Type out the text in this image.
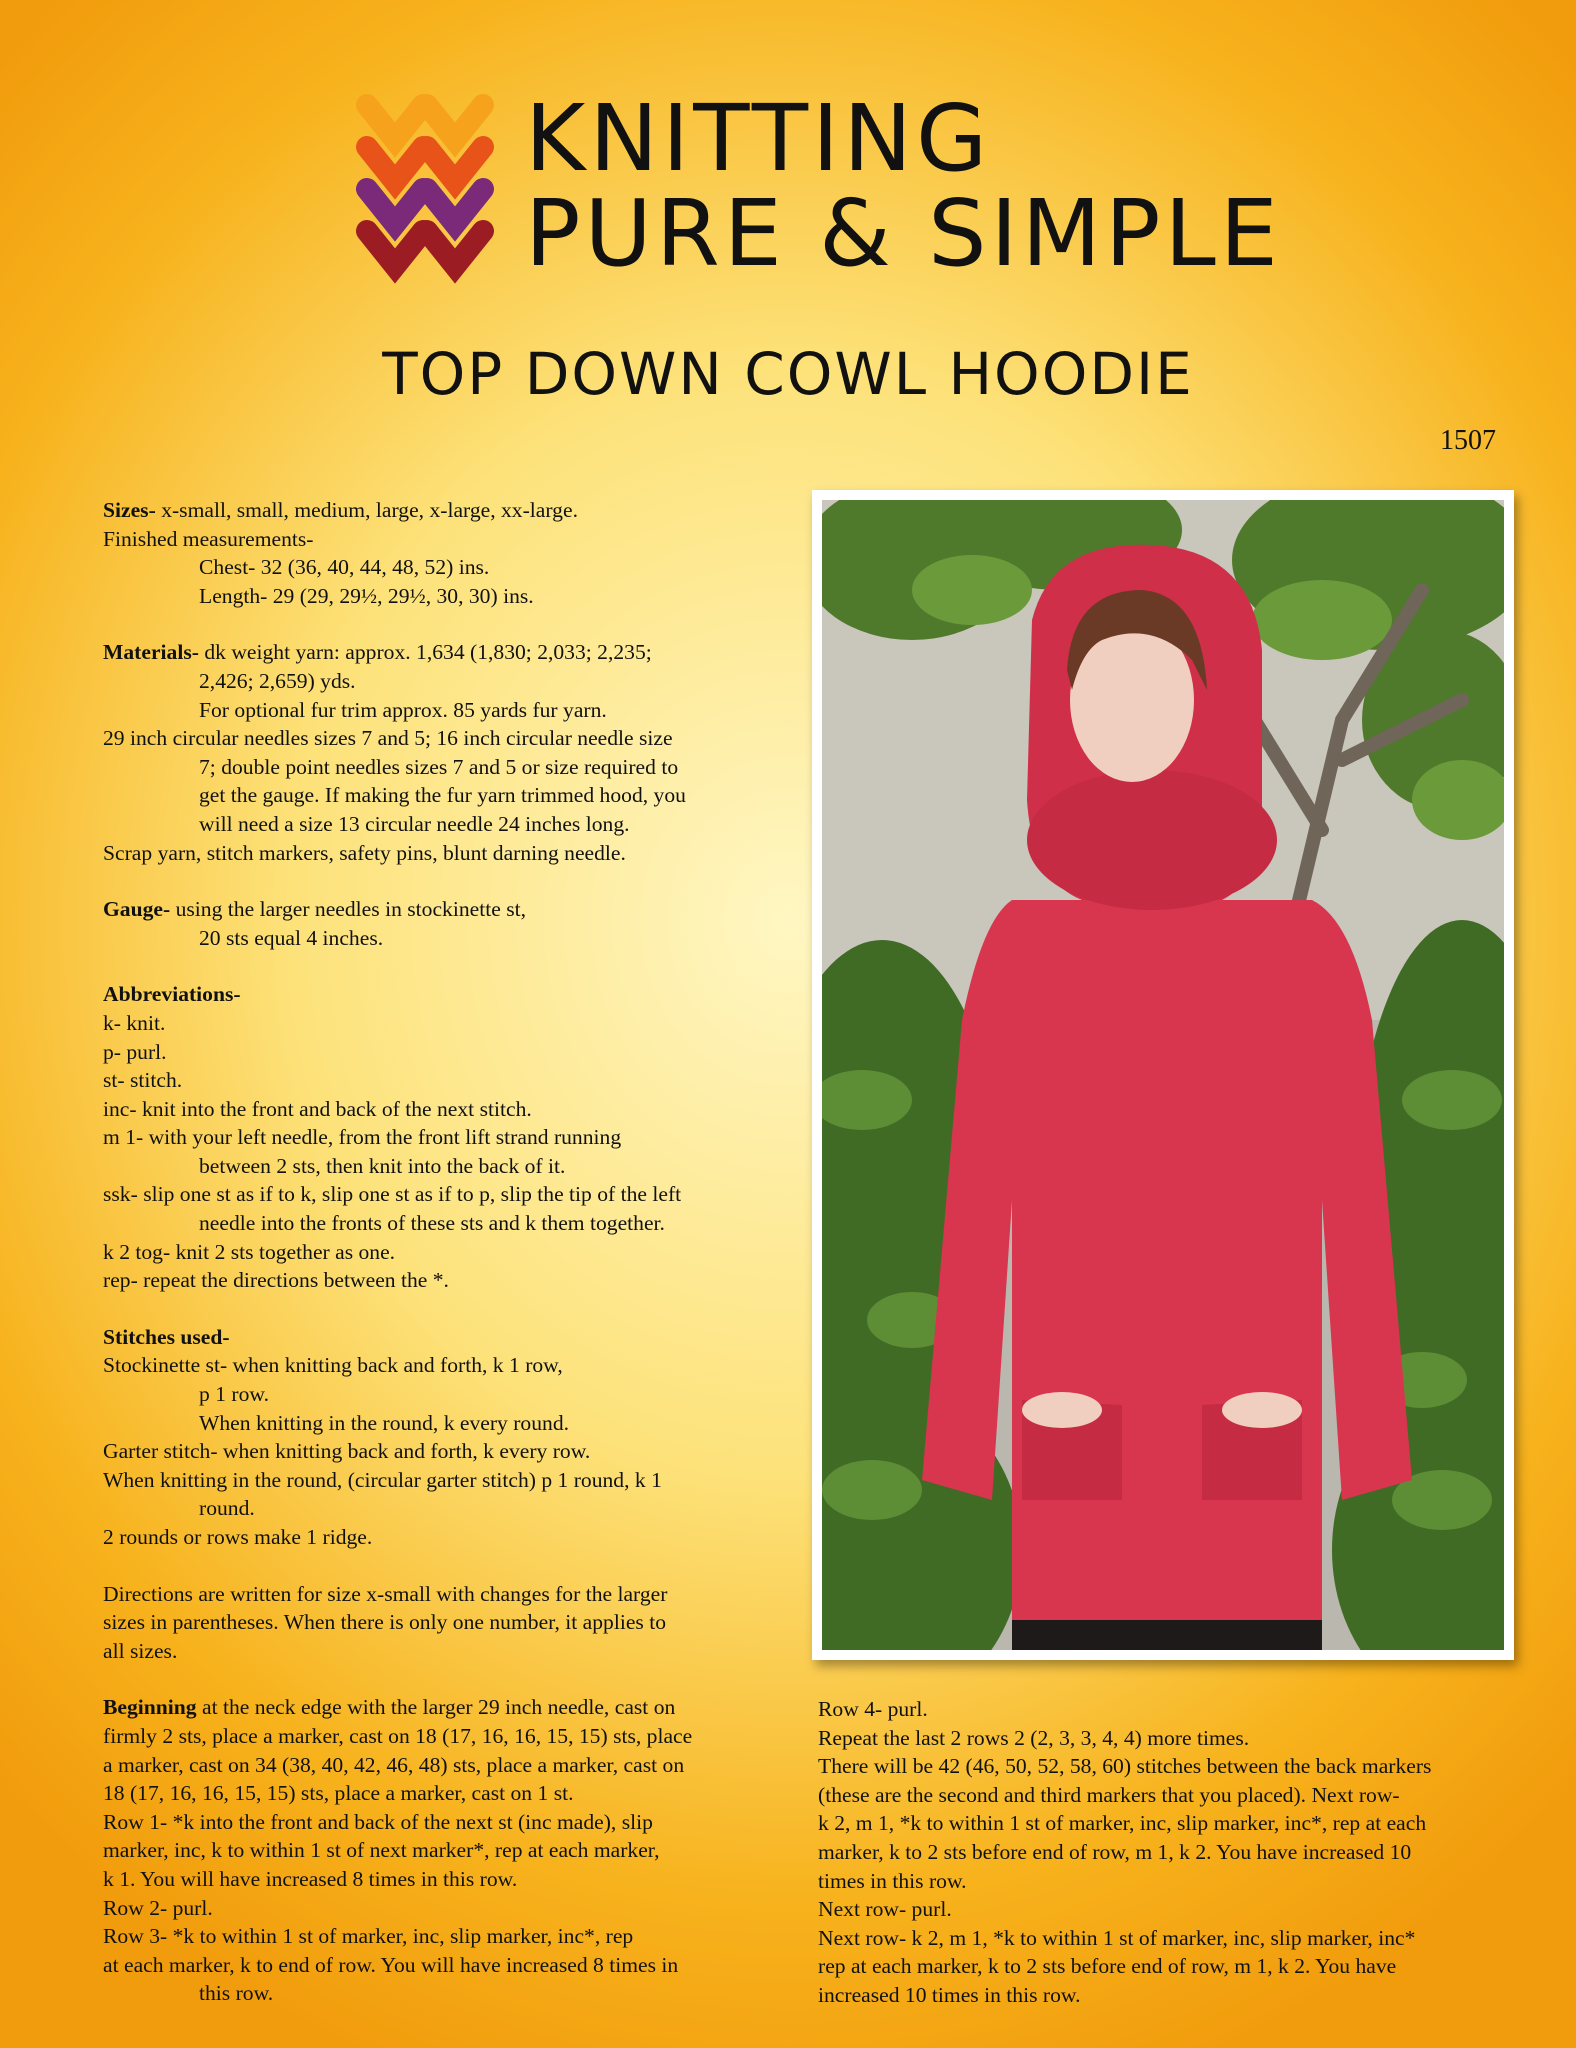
KNITTING
PURE & SIMPLE
TOP DOWN COWL HOODIE
1507

Sizes- x-small, small, medium, large, x-large, xx-large.

Finished measurements-

Chest- 32 (36, 40, 44, 48, 52) ins.

Length- 29 (29, 29½, 29½, 30, 30) ins.

Materials- dk weight yarn: approx. 1,634 (1,830; 2,033; 2,235;

2,426; 2,659) yds.

For optional fur trim approx. 85 yards fur yarn.

29 inch circular needles sizes 7 and 5; 16 inch circular needle size

7; double point needles sizes 7 and 5 or size required to

get the gauge. If making the fur yarn trimmed hood, you

will need a size 13 circular needle 24 inches long.

Scrap yarn, stitch markers, safety pins, blunt darning needle.

Gauge- using the larger needles in stockinette st,

20 sts equal 4 inches.

Abbreviations-

k- knit.

p- purl.

st- stitch.

inc- knit into the front and back of the next stitch.

m 1- with your left needle, from the front lift strand running

between 2 sts, then knit into the back of it.

ssk- slip one st as if to k, slip one st as if to p, slip the tip of the left

needle into the fronts of these sts and k them together.

k 2 tog- knit 2 sts together as one.

rep- repeat the directions between the *.

Stitches used-

Stockinette st- when knitting back and forth, k 1 row,

p 1 row.

When knitting in the round, k every round.

Garter stitch- when knitting back and forth, k every row.

When knitting in the round, (circular garter stitch) p 1 round, k 1

round.

2 rounds or rows make 1 ridge.

Directions are written for size x-small with changes for the larger

sizes in parentheses. When there is only one number, it applies to

all sizes.

Beginning at the neck edge with the larger 29 inch needle, cast on

firmly 2 sts, place a marker, cast on 18 (17, 16, 16, 15, 15) sts, place

a marker, cast on 34 (38, 40, 42, 46, 48) sts, place a marker, cast on

18 (17, 16, 16, 15, 15) sts, place a marker, cast on 1 st.

Row 1- *k into the front and back of the next st (inc made), slip

marker, inc, k to within 1 st of next marker*, rep at each marker,

k 1. You will have increased 8 times in this row.

Row 2- purl.

Row 3- *k to within 1 st of marker, inc, slip marker, inc*, rep

at each marker, k to end of row. You will have increased 8 times in

this row.

Row 4- purl.

Repeat the last 2 rows 2 (2, 3, 3, 4, 4) more times.

There will be 42 (46, 50, 52, 58, 60) stitches between the back markers

(these are the second and third markers that you placed). Next row-

k 2, m 1, *k to within 1 st of marker, inc, slip marker, inc*, rep at each

marker, k to 2 sts before end of row, m 1, k 2. You have increased 10

times in this row.

Next row- purl.

Next row- k 2, m 1, *k to within 1 st of marker, inc, slip marker, inc*

rep at each marker, k to 2 sts before end of row, m 1, k 2. You have

increased 10 times in this row.
